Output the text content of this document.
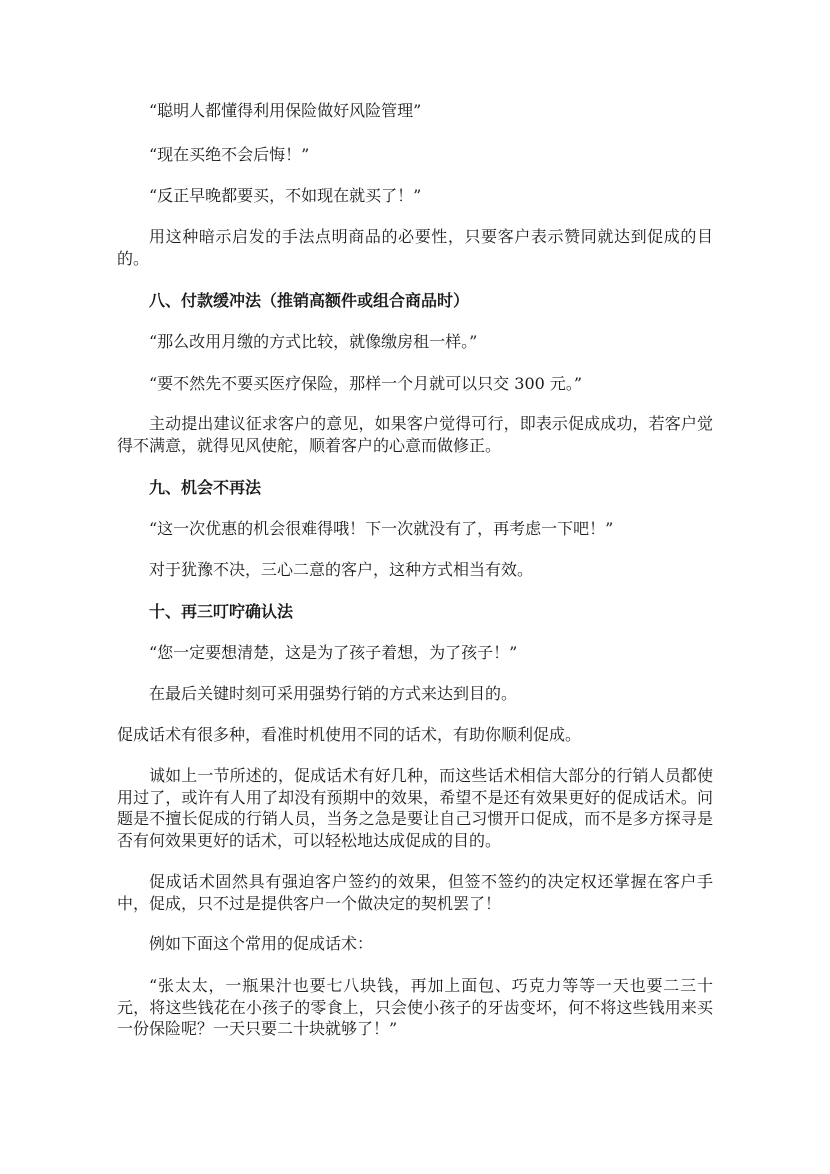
“聪明人都懂得利用保险做好风险管理”

“现在买绝不会后悔！”

“反正早晚都要买，不如现在就买了！”

用这种暗示启发的手法点明商品的必要性，只要客户表示赞同就达到促成的目的。

八、付款缓冲法（推销高额件或组合商品时）

“那么改用月缴的方式比较，就像缴房租一样。”

“要不然先不要买医疗保险，那样一个月就可以只交 300 元。”

主动提出建议征求客户的意见，如果客户觉得可行，即表示促成成功，若客户觉得不满意，就得见风使舵，顺着客户的心意而做修正。

九、机会不再法

“这一次优惠的机会很难得哦！下一次就没有了，再考虑一下吧！”

对于犹豫不决，三心二意的客户，这种方式相当有效。

十、再三叮咛确认法

“您一定要想清楚，这是为了孩子着想，为了孩子！”

在最后关键时刻可采用强势行销的方式来达到目的。

促成话术有很多种，看准时机使用不同的话术，有助你顺利促成。

诚如上一节所述的，促成话术有好几种，而这些话术相信大部分的行销人员都使用过了，或许有人用了却没有预期中的效果，希望不是还有效果更好的促成话术。问题是不擅长促成的行销人员，当务之急是要让自己习惯开口促成，而不是多方探寻是否有何效果更好的话术，可以轻松地达成促成的目的。

促成话术固然具有强迫客户签约的效果，但签不签约的决定权还掌握在客户手中，促成，只不过是提供客户一个做决定的契机罢了！

例如下面这个常用的促成话术：

“张太太，一瓶果汁也要七八块钱，再加上面包、巧克力等等一天也要二三十元，将这些钱花在小孩子的零食上，只会使小孩子的牙齿变坏，何不将这些钱用来买一份保险呢？一天只要二十块就够了！”
